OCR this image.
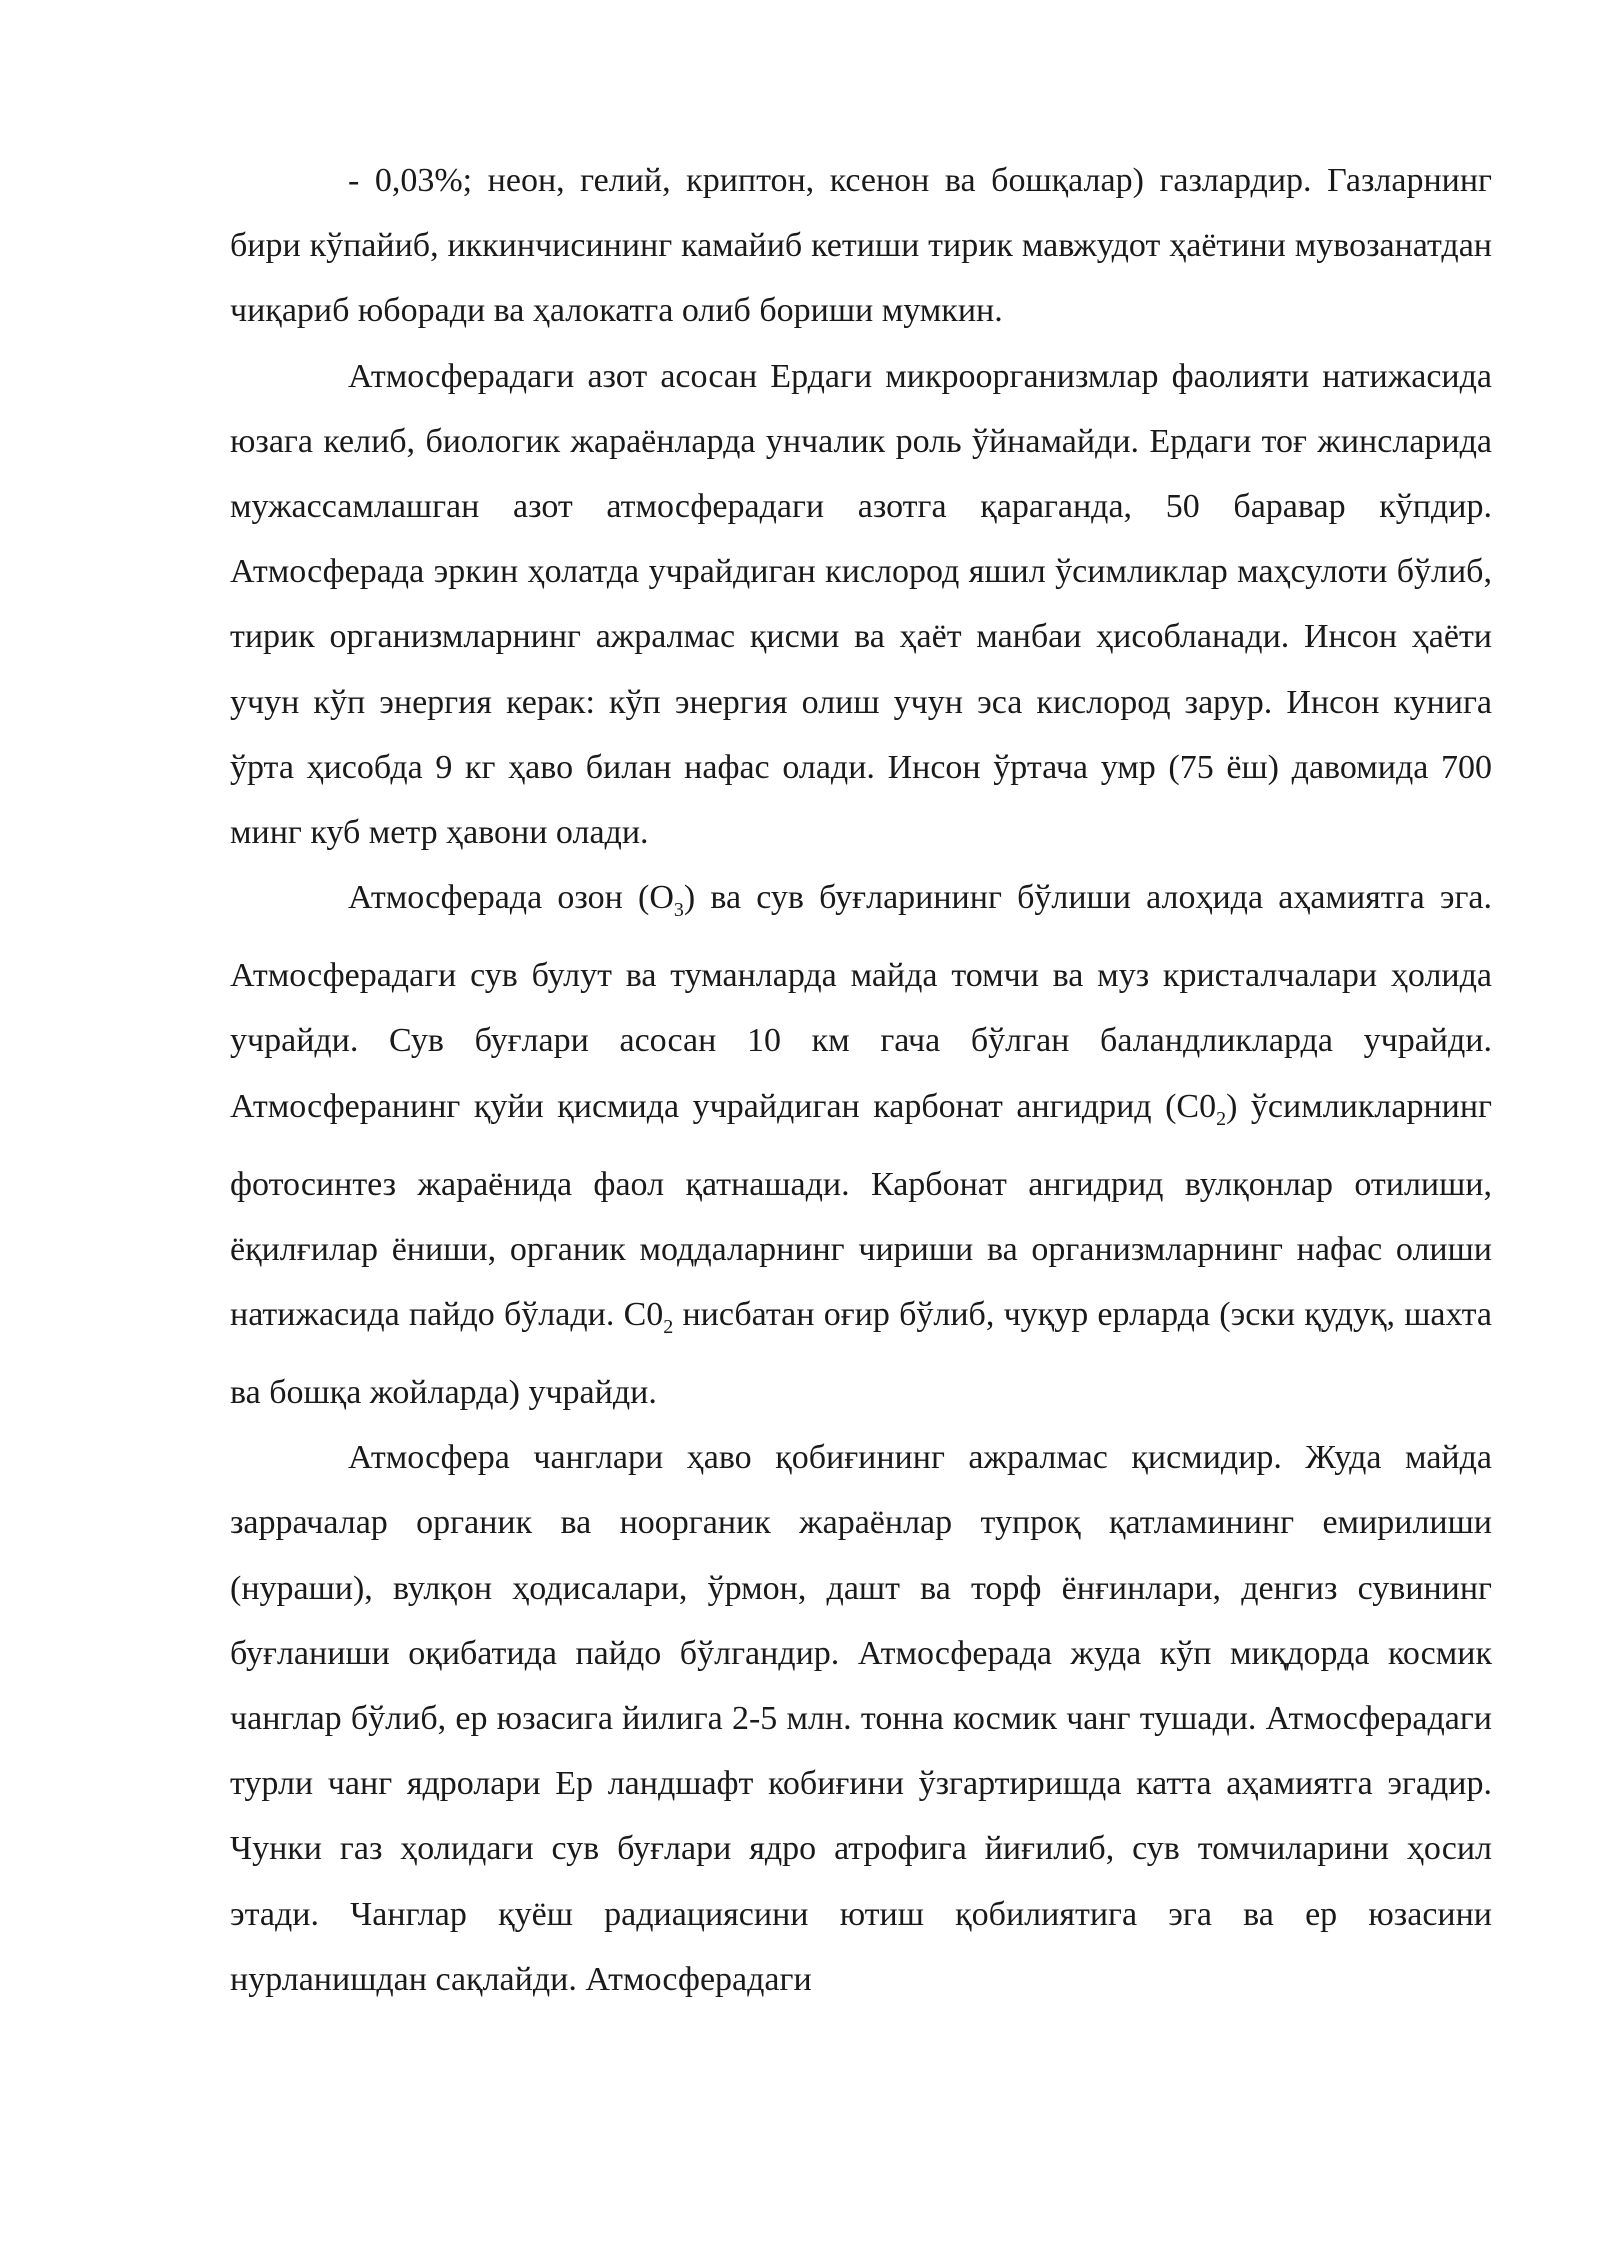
- 0,03%; неон, гелий, криптон, ксенон ва бошқалар) газлардир. Газларнинг бири кўпайиб, иккинчисининг камайиб кетиши тирик мавжудот ҳаётини мувозанатдан чиқариб юборади ва ҳалокатга олиб бориши мумкин.

Атмосферадаги азот асосан Ердаги микроорганизмлар фаолияти натижасида юзага келиб, биологик жараёнларда унчалик роль ўйнамайди. Ердаги тоғ жинсларида мужассамлашган азот атмосферадаги азотга қараганда, 50 баравар кўпдир. Атмосферада эркин ҳолатда учрайдиган кислород яшил ўсимликлар маҳсулоти бўлиб, тирик организмларнинг ажралмас қисми ва ҳаёт манбаи ҳисобланади. Инсон ҳаёти учун кўп энергия керак: кўп энергия олиш учун эса кислород зарур. Инсон кунига ўрта ҳисобда 9 кг ҳаво билан нафас олади. Инсон ўртача умр (75 ёш) давомида 700 минг куб метр ҳавони олади.

Атмосферада озон $(O_3)$ ва сув буғларининг бўлиши алоҳида аҳамиятга эга. Атмосферадаги сув булут ва туманларда майда томчи ва муз кристалчалари ҳолида учрайди. Сув буғлари асосан 10 км гача бўлган баландликларда учрайди. Атмосферанинг қуйи қисмида учрайдиган карбонат ангидрид $(С0_2)$ ўсимликларнинг фотосинтез жараёнида фаол қатнашади. Карбонат ангидрид вулқонлар отилиши, ёқилғилар ёниши, органик моддаларнинг чириши ва организмларнинг нафас олиши натижасида пайдо бўлади. $С0_2$ нисбатан оғир бўлиб, чуқур ерларда (эски қудуқ, шахта ва бошқа жойларда) учрайди.

Атмосфера чанглари ҳаво қобиғининг ажралмас қисмидир. Жуда майда заррачалар органик ва ноорганик жараёнлар тупроқ қатламининг емирилиши (нураши), вулқон ҳодисалари, ўрмон, дашт ва торф ёнғинлари, денгиз сувининг буғланиши оқибатида пайдо бўлгандир. Атмосферада жуда кўп миқдорда космик чанглар бўлиб, ер юзасига йилига 2-5 млн. тонна космик чанг тушади. Атмосферадаги турли чанг ядролари Ер ландшафт кобиғини ўзгартиришда катта аҳамиятга эгадир. Чунки газ ҳолидаги сув буғлари ядро атрофига йиғилиб, сув томчиларини ҳосил этади. Чанглар қуёш радиациясини ютиш қобилиятига эга ва ер юзасини нурланишдан сақлайди. Атмосферадаги
